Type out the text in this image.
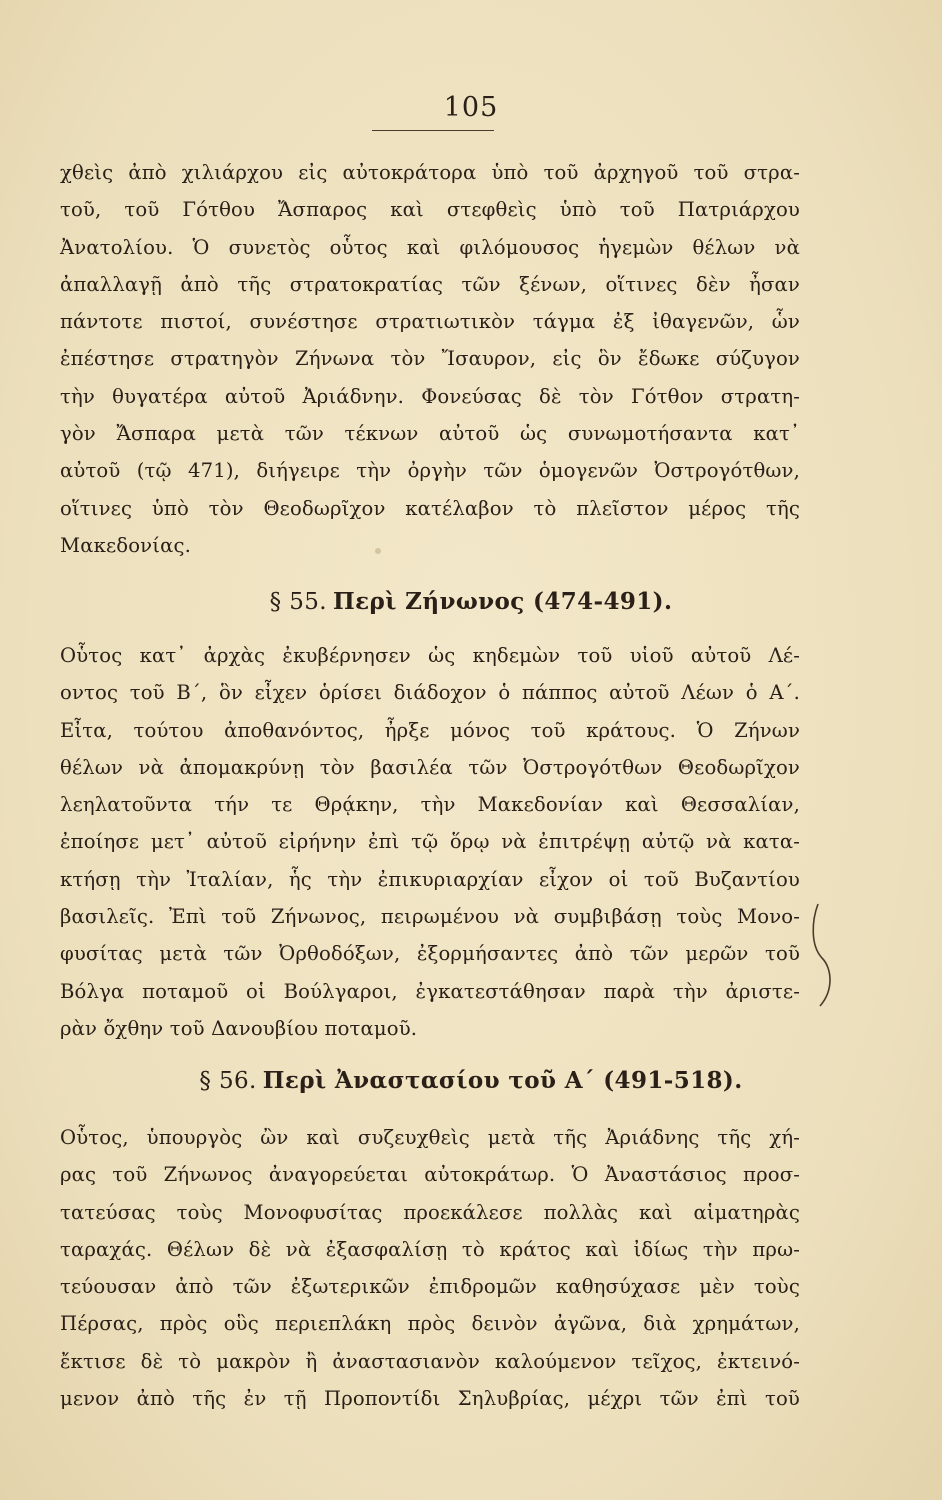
105
χθεὶς ἀπὸ χιλιάρχου εἰς αὐτοκράτορα ὑπὸ τοῦ ἀρχηγοῦ τοῦ στρα-
τοῦ, τοῦ Γότθου Ἄσπαρος καὶ στεφθεὶς ὑπὸ τοῦ Πατριάρχου
Ἀνατολίου. Ὁ συνετὸς οὗτος καὶ φιλόμουσος ἡγεμὼν θέλων νὰ
ἀπαλλαγῇ ἀπὸ τῆς στρατοκρατίας τῶν ξένων, οἵτινες δὲν ἦσαν
πάντοτε πιστοί, συνέστησε στρατιωτικὸν τάγμα ἐξ ἰθαγενῶν, ὧν
ἐπέστησε στρατηγὸν Ζήνωνα τὸν Ἴσαυρον, εἰς ὃν ἔδωκε σύζυγον
τὴν θυγατέρα αὐτοῦ Ἀριάδνην. Φονεύσας δὲ τὸν Γότθον στρατη-
γὸν Ἄσπαρα μετὰ τῶν τέκνων αὐτοῦ ὡς συνωμοτήσαντα κατ᾽
αὐτοῦ (τῷ 471), διήγειρε τὴν ὀργὴν τῶν ὁμογενῶν Ὀστρογότθων,
οἵτινες ὑπὸ τὸν Θεοδωρῖχον κατέλαβον τὸ πλεῖστον μέρος τῆς
Μακεδονίας.
§ 55. Περὶ Ζήνωνος (474-491).
Οὗτος κατ᾽ ἀρχὰς ἐκυβέρνησεν ὡς κηδεμὼν τοῦ υἱοῦ αὐτοῦ Λέ-
οντος τοῦ Β´, ὃν εἶχεν ὁρίσει διάδοχον ὁ πάππος αὐτοῦ Λέων ὁ Α´.
Εἶτα, τούτου ἀποθανόντος, ἦρξε μόνος τοῦ κράτους. Ὁ Ζήνων
θέλων νὰ ἀπομακρύνῃ τὸν βασιλέα τῶν Ὀστρογότθων Θεοδωρῖχον
λεηλατοῦντα τήν τε Θρᾴκην, τὴν Μακεδονίαν καὶ Θεσσαλίαν,
ἐποίησε μετ᾽ αὐτοῦ εἰρήνην ἐπὶ τῷ ὅρῳ νὰ ἐπιτρέψῃ αὐτῷ νὰ κατα-
κτήσῃ τὴν Ἰταλίαν, ἧς τὴν ἐπικυριαρχίαν εἶχον οἱ τοῦ Βυζαντίου
βασιλεῖς. Ἐπὶ τοῦ Ζήνωνος, πειρωμένου νὰ συμβιβάσῃ τοὺς Μονο-
φυσίτας μετὰ τῶν Ὀρθοδόξων, ἐξορμήσαντες ἀπὸ τῶν μερῶν τοῦ
Βόλγα ποταμοῦ οἱ Βούλγαροι, ἐγκατεστάθησαν παρὰ τὴν ἀριστε-
ρὰν ὄχθην τοῦ Δανουβίου ποταμοῦ.
§ 56. Περὶ Ἀναστασίου τοῦ Α´ (491-518).
Οὗτος, ὑπουργὸς ὢν καὶ συζευχθεὶς μετὰ τῆς Ἀριάδνης τῆς χή-
ρας τοῦ Ζήνωνος ἀναγορεύεται αὐτοκράτωρ. Ὁ Ἀναστάσιος προσ-
τατεύσας τοὺς Μονοφυσίτας προεκάλεσε πολλὰς καὶ αἱματηρὰς
ταραχάς. Θέλων δὲ νὰ ἐξασφαλίσῃ τὸ κράτος καὶ ἰδίως τὴν πρω-
τεύουσαν ἀπὸ τῶν ἐξωτερικῶν ἐπιδρομῶν καθησύχασε μὲν τοὺς
Πέρσας, πρὸς οὓς περιεπλάκη πρὸς δεινὸν ἀγῶνα, διὰ χρημάτων,
ἔκτισε δὲ τὸ μακρὸν ἢ ἀναστασιανὸν καλούμενον τεῖχος, ἐκτεινό-
μενον ἀπὸ τῆς ἐν τῇ Προποντίδι Σηλυβρίας, μέχρι τῶν ἐπὶ τοῦ
